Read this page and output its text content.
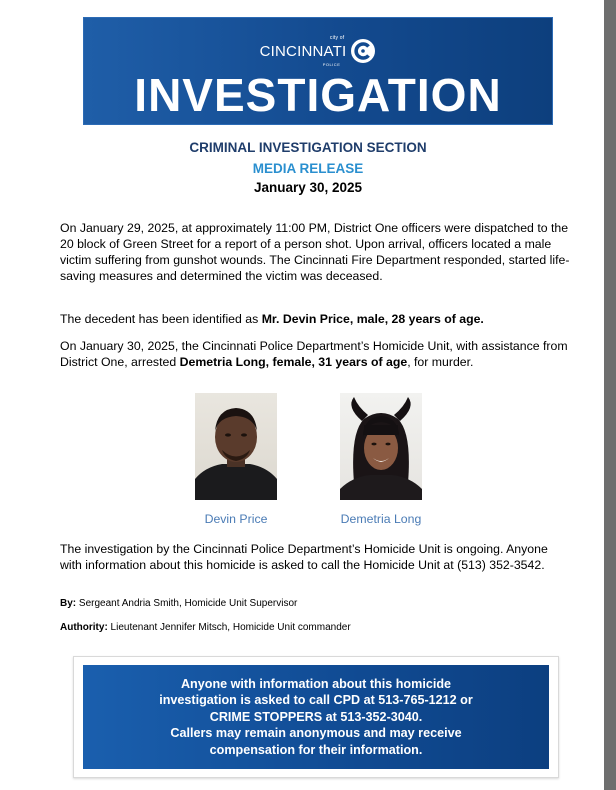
city of
CINCINNATI
POLICE
INVESTIGATION
CRIMINAL INVESTIGATION SECTION
MEDIA RELEASE
January 30, 2025

On January 29, 2025, at approximately 11:00 PM, District One officers were dispatched to the 20 block of Green Street for a report of a person shot. Upon arrival, officers located a male victim suffering from gunshot wounds. The Cincinnati Fire Department responded, started life-saving measures and determined the victim was deceased.

The decedent has been identified as Mr. Devin Price, male, 28 years of age.

On January 30, 2025, the Cincinnati Police Department’s Homicide Unit, with assistance from District One, arrested Demetria Long, female, 31 years of age, for murder.

Devin Price	Demetria Long

The investigation by the Cincinnati Police Department’s Homicide Unit is ongoing. Anyone with information about this homicide is asked to call the Homicide Unit at (513) 352-3542.

By: Sergeant Andria Smith, Homicide Unit Supervisor
Authority: Lieutenant Jennifer Mitsch, Homicide Unit commander

Anyone with information about this homicide
investigation is asked to call CPD at 513-765-1212 or
CRIME STOPPERS at 513-352-3040.
Callers may remain anonymous and may receive
compensation for their information.
